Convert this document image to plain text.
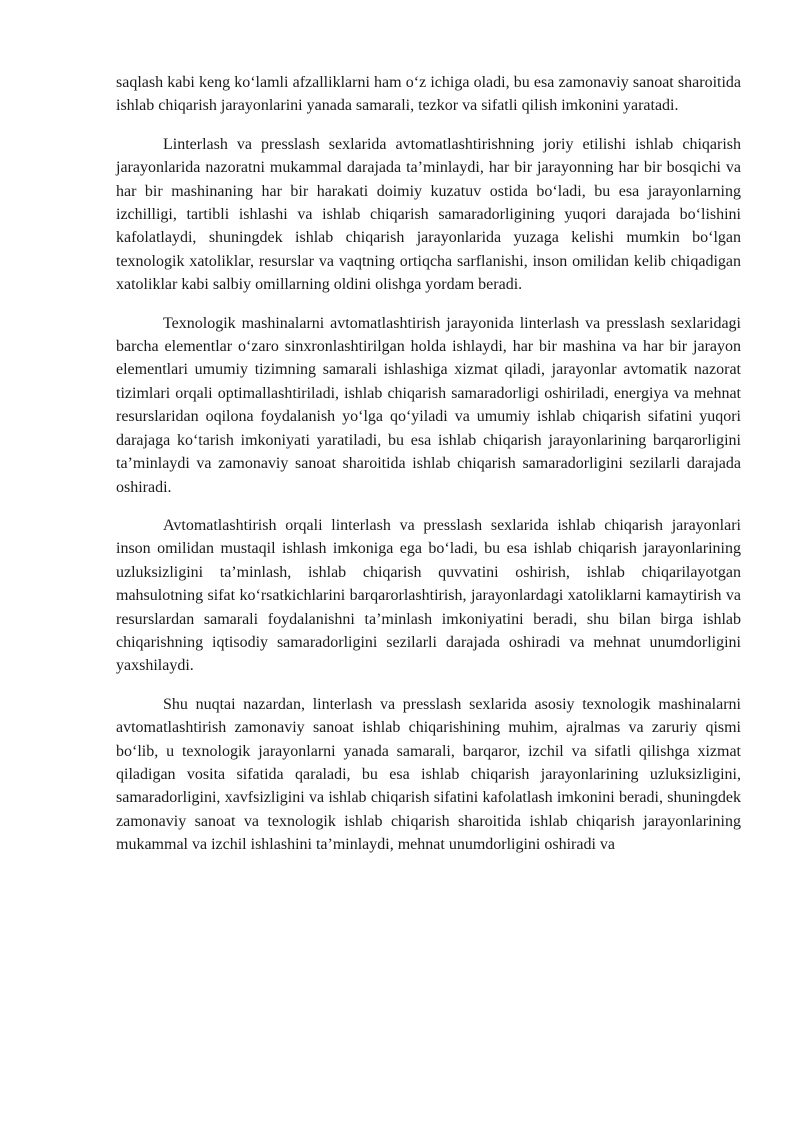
saqlash kabi keng ko‘lamli afzalliklarni ham o‘z ichiga oladi, bu esa zamonaviy sanoat sharoitida ishlab chiqarish jarayonlarini yanada samarali, tezkor va sifatli qilish imkonini yaratadi.

Linterlash va presslash sexlarida avtomatlashtirishning joriy etilishi ishlab chiqarish jarayonlarida nazoratni mukammal darajada ta’minlaydi, har bir jarayonning har bir bosqichi va har bir mashinaning har bir harakati doimiy kuzatuv ostida bo‘ladi, bu esa jarayonlarning izchilligi, tartibli ishlashi va ishlab chiqarish samaradorligining yuqori darajada bo‘lishini kafolatlaydi, shuningdek ishlab chiqarish jarayonlarida yuzaga kelishi mumkin bo‘lgan texnologik xatoliklar, resurslar va vaqtning ortiqcha sarflanishi, inson omilidan kelib chiqadigan xatoliklar kabi salbiy omillarning oldini olishga yordam beradi.

Texnologik mashinalarni avtomatlashtirish jarayonida linterlash va presslash sexlaridagi barcha elementlar o‘zaro sinxronlashtirilgan holda ishlaydi, har bir mashina va har bir jarayon elementlari umumiy tizimning samarali ishlashiga xizmat qiladi, jarayonlar avtomatik nazorat tizimlari orqali optimallashtiriladi, ishlab chiqarish samaradorligi oshiriladi, energiya va mehnat resurslaridan oqilona foydalanish yo‘lga qo‘yiladi va umumiy ishlab chiqarish sifatini yuqori darajaga ko‘tarish imkoniyati yaratiladi, bu esa ishlab chiqarish jarayonlarining barqarorligini ta’minlaydi va zamonaviy sanoat sharoitida ishlab chiqarish samaradorligini sezilarli darajada oshiradi.

Avtomatlashtirish orqali linterlash va presslash sexlarida ishlab chiqarish jarayonlari inson omilidan mustaqil ishlash imkoniga ega bo‘ladi, bu esa ishlab chiqarish jarayonlarining uzluksizligini ta’minlash, ishlab chiqarish quvvatini oshirish, ishlab chiqarilayotgan mahsulotning sifat ko‘rsatkichlarini barqarorlashtirish, jarayonlardagi xatoliklarni kamaytirish va resurslardan samarali foydalanishni ta’minlash imkoniyatini beradi, shu bilan birga ishlab chiqarishning iqtisodiy samaradorligini sezilarli darajada oshiradi va mehnat unumdorligini yaxshilaydi.

Shu nuqtai nazardan, linterlash va presslash sexlarida asosiy texnologik mashinalarni avtomatlashtirish zamonaviy sanoat ishlab chiqarishining muhim, ajralmas va zaruriy qismi bo‘lib, u texnologik jarayonlarni yanada samarali, barqaror, izchil va sifatli qilishga xizmat qiladigan vosita sifatida qaraladi, bu esa ishlab chiqarish jarayonlarining uzluksizligini, samaradorligini, xavfsizligini va ishlab chiqarish sifatini kafolatlash imkonini beradi, shuningdek zamonaviy sanoat va texnologik ishlab chiqarish sharoitida ishlab chiqarish jarayonlarining mukammal va izchil ishlashini ta’minlaydi, mehnat unumdorligini oshiradi va
